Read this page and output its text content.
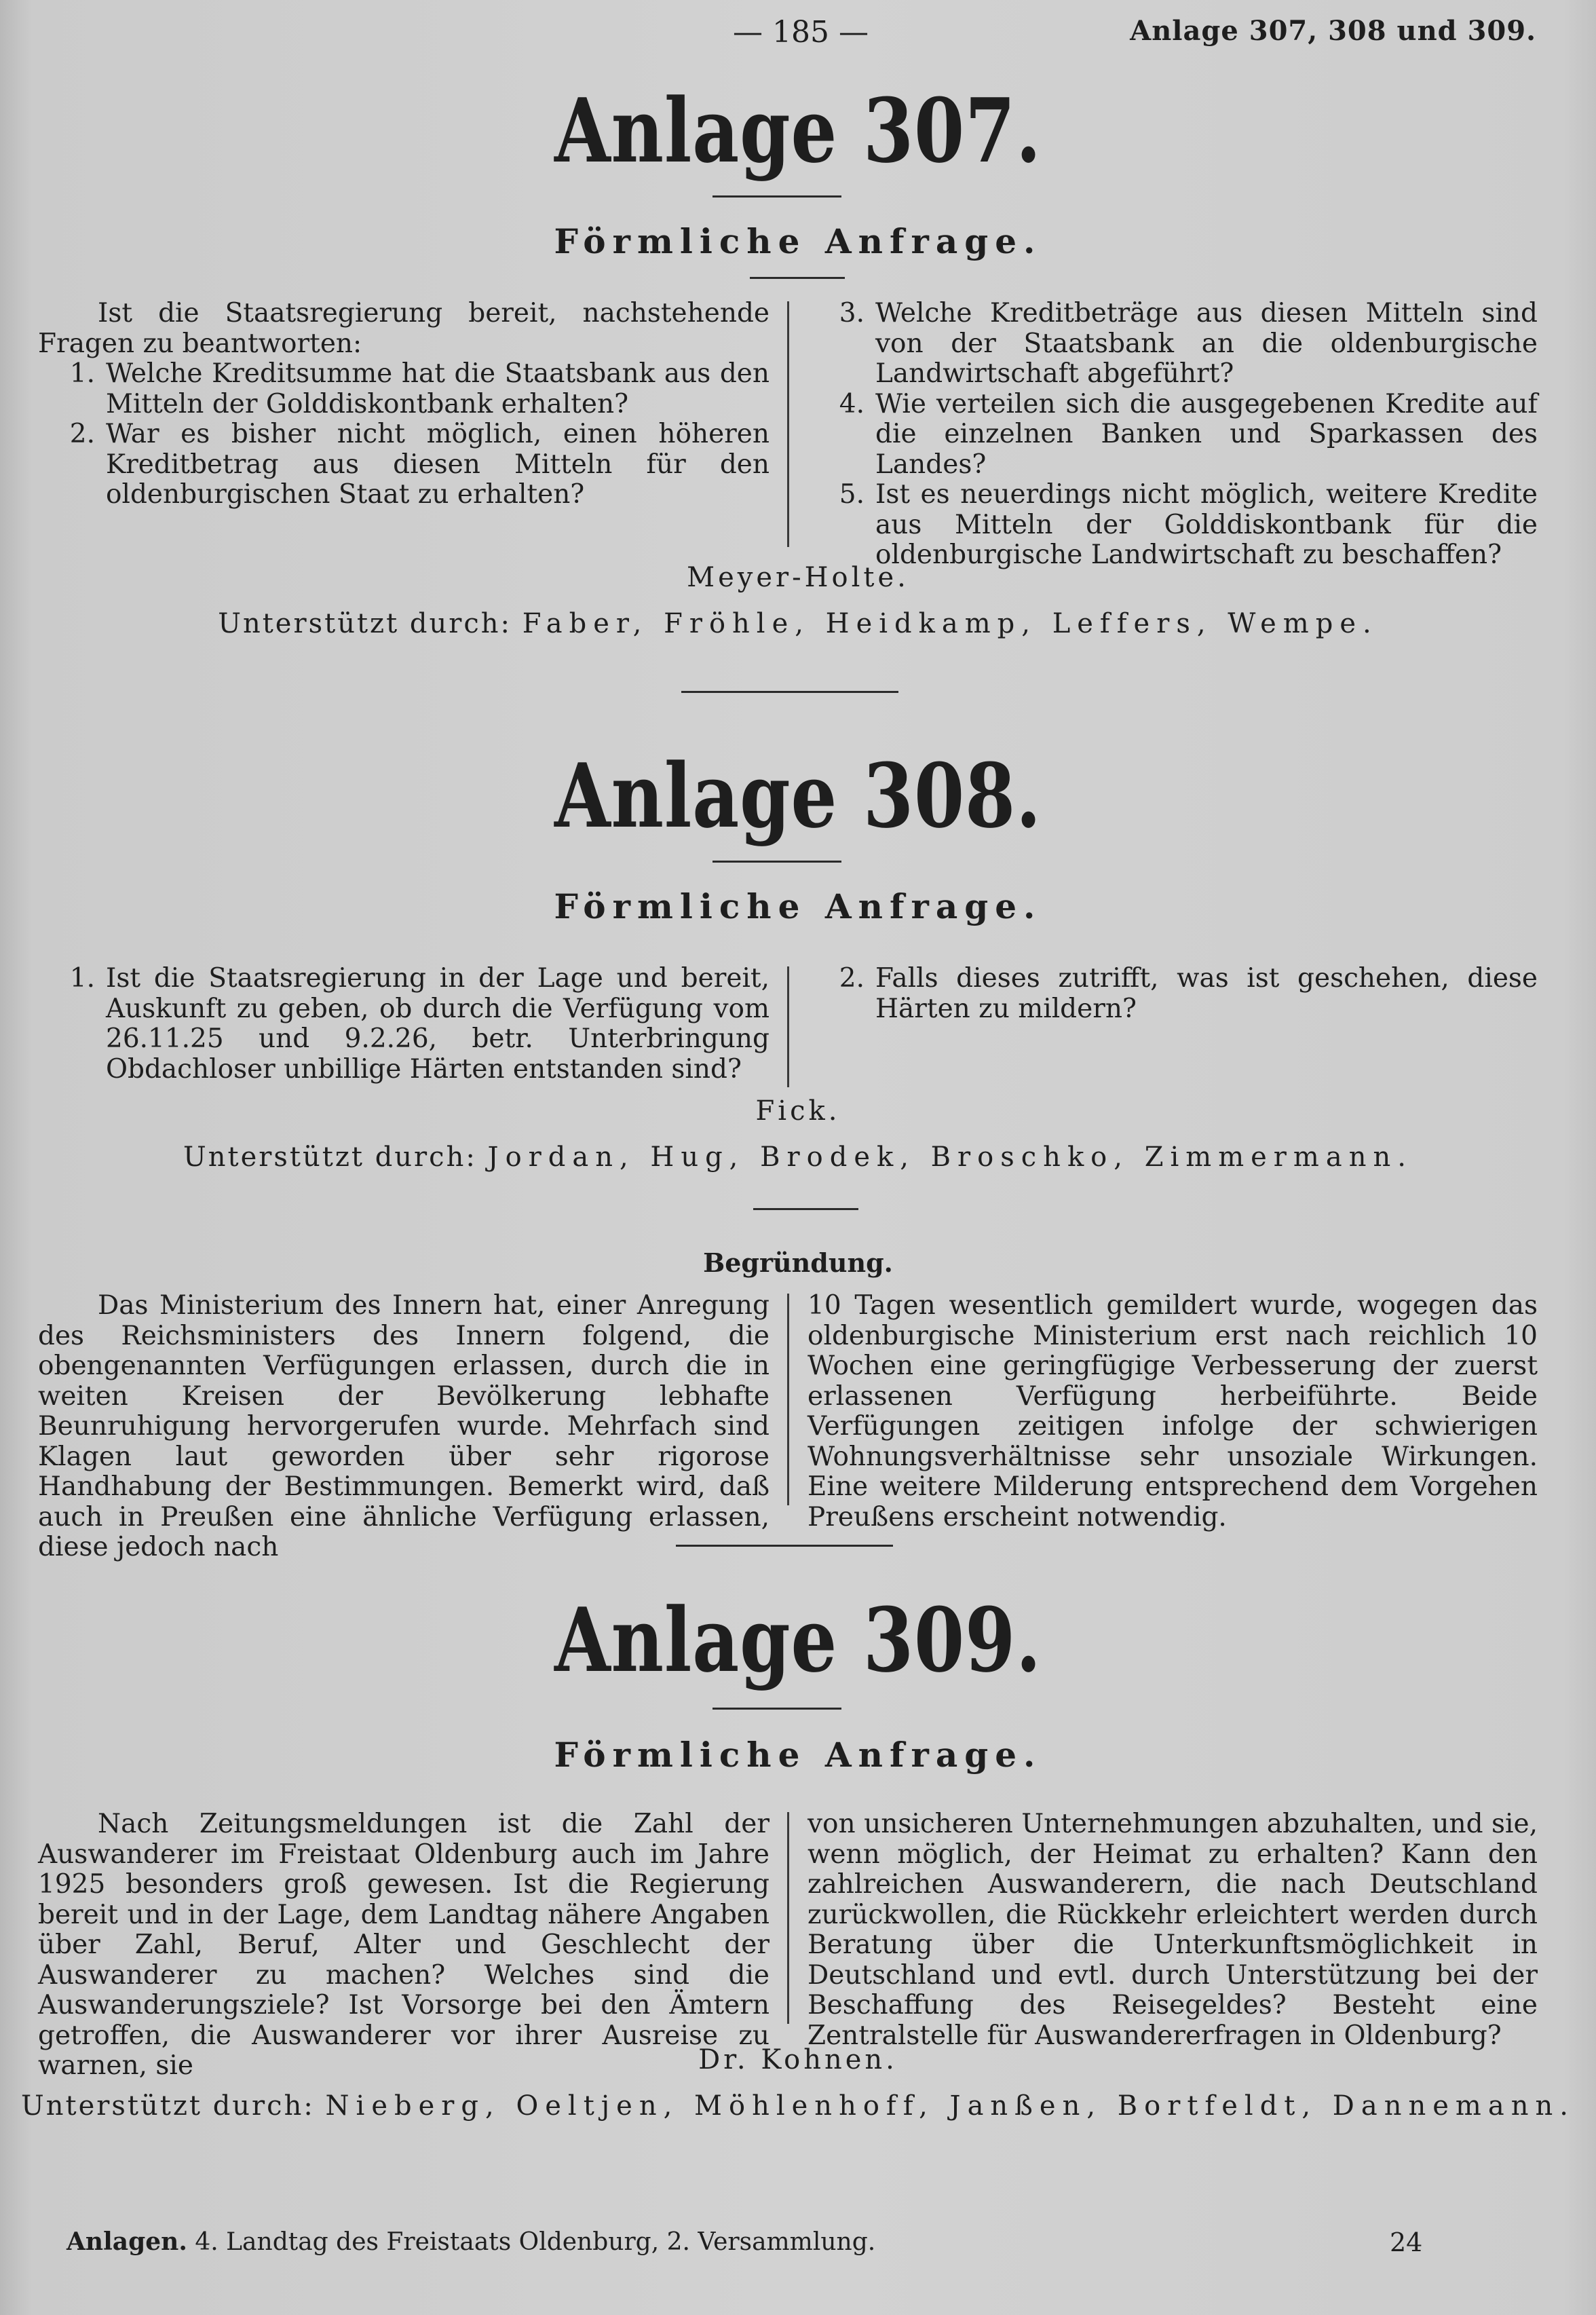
— 185 —	Anlage 307, 308 und 309.
Anlage 307.
Förmliche Anfrage.

Ist die Staatsregierung bereit, nachstehende Fragen zu beantworten:

1. Welche Kreditsumme hat die Staatsbank aus den Mitteln der Golddiskontbank erhalten?
2. War es bisher nicht möglich, einen höheren Kreditbetrag aus diesen Mitteln für den oldenburgischen Staat zu erhalten?
3. Welche Kreditbeträge aus diesen Mitteln sind von der Staatsbank an die oldenburgische Landwirtschaft abgeführt?
4. Wie verteilen sich die ausgegebenen Kredite auf die einzelnen Banken und Sparkassen des Landes?
5. Ist es neuerdings nicht möglich, weitere Kredite aus Mitteln der Golddiskontbank für die oldenburgische Landwirtschaft zu beschaffen?
Meyer-Holte.
Unterstützt durch: Faber, Fröhle, Heidkamp, Leffers, Wempe.
Anlage 308.
Förmliche Anfrage.
1. Ist die Staatsregierung in der Lage und bereit, Auskunft zu geben, ob durch die Verfügung vom 26.11.25 und 9.2.26, betr. Unterbringung Obdachloser unbillige Härten entstanden sind?
2. Falls dieses zutrifft, was ist geschehen, diese Härten zu mildern?
Fick.
Unterstützt durch: Jordan, Hug, Brodek, Broschko, Zimmermann.
Begründung.

Das Ministerium des Innern hat, einer Anregung des Reichsministers des Innern folgend, die obengenannten Verfügungen erlassen, durch die in weiten Kreisen der Bevölkerung lebhafte Beunruhigung hervorgerufen wurde. Mehrfach sind Klagen laut geworden über sehr rigorose Handhabung der Bestimmungen. Bemerkt wird, daß auch in Preußen eine ähnliche Verfügung erlassen, diese jedoch nach

10 Tagen wesentlich gemildert wurde, wogegen das oldenburgische Ministerium erst nach reichlich 10 Wochen eine geringfügige Verbesserung der zuerst erlassenen Verfügung herbeiführte. Beide Verfügungen zeitigen infolge der schwierigen Wohnungsverhältnisse sehr unsoziale Wirkungen. Eine weitere Milderung entsprechend dem Vorgehen Preußens erscheint notwendig.

Anlage 309.
Förmliche Anfrage.

Nach Zeitungsmeldungen ist die Zahl der Auswanderer im Freistaat Oldenburg auch im Jahre 1925 besonders groß gewesen. Ist die Regierung bereit und in der Lage, dem Landtag nähere Angaben über Zahl, Beruf, Alter und Geschlecht der Auswanderer zu machen? Welches sind die Auswanderungsziele? Ist Vorsorge bei den Ämtern getroffen, die Auswanderer vor ihrer Ausreise zu warnen, sie

von unsicheren Unternehmungen abzuhalten, und sie, wenn möglich, der Heimat zu erhalten? Kann den zahlreichen Auswanderern, die nach Deutschland zurückwollen, die Rückkehr erleichtert werden durch Beratung über die Unterkunftsmöglichkeit in Deutschland und evtl. durch Unterstützung bei der Beschaffung des Reisegeldes? Besteht eine Zentralstelle für Auswandererfragen in Oldenburg?

Dr. Kohnen.
Unterstützt durch: Nieberg, Oeltjen, Möhlenhoff, Janßen, Bortfeldt, Dannemann.
Anlagen. 4. Landtag des Freistaats Oldenburg, 2. Versammlung.	24
